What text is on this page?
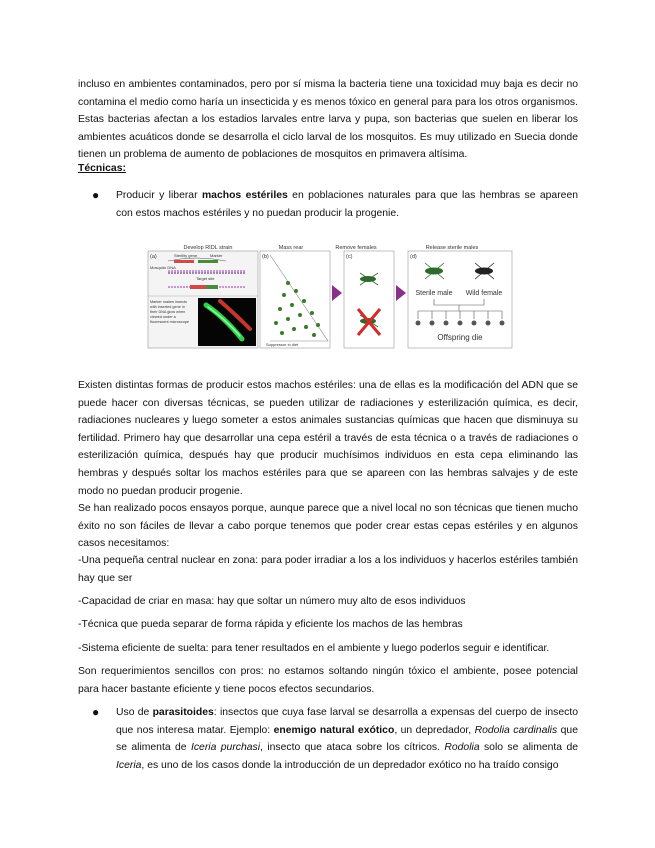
incluso en ambientes contaminados, pero por sí misma la bacteria tiene una toxicidad muy baja es decir no contamina el medio como haría un insecticida y es menos tóxico en general para para los otros organismos. Estas bacterias afectan a los estadios larvales entre larva y pupa, son bacterias que suelen en liberar los ambientes acuáticos donde se desarrolla el ciclo larval de los mosquitos. Es muy utilizado en Suecia donde tienen un problema de aumento de poblaciones de mosquitos en primavera altísima.

Técnicas:
● Producir y liberar machos estériles en poblaciones naturales para que las hembras se apareen con estos machos estériles y no puedan producir la progenie.

Develop RIDL strain	Mass rear	Remove females	Release sterile males
(a)	Sterility gene	Marker
Mosquito DNA
Target site
Marker makes insects with inserted gene in their DNA glow when viewed under a fluorescent microscope
(b)
Suppressor in diet
(c)	(d)
Sterile male Wild female
Offspring die

Existen distintas formas de producir estos machos estériles: una de ellas es la modificación del ADN que se puede hacer con diversas técnicas, se pueden utilizar de radiaciones y esterilización química, es decir, radiaciones nucleares y luego someter a estos animales sustancias químicas que hacen que disminuya su fertilidad. Primero hay que desarrollar una cepa estéril a través de esta técnica o a través de radiaciones o esterilización química, después hay que producir muchísimos individuos en esta cepa eliminando las hembras y después soltar los machos estériles para que se apareen con las hembras salvajes y de este modo no puedan producir progenie.

Se han realizado pocos ensayos porque, aunque parece que a nivel local no son técnicas que tienen mucho éxito no son fáciles de llevar a cabo porque tenemos que poder crear estas cepas estériles y en algunos casos necesitamos:

-Una pequeña central nuclear en zona: para poder irradiar a los a los individuos y hacerlos estériles también hay que ser

-Capacidad de criar en masa: hay que soltar un número muy alto de esos individuos

-Técnica que pueda separar de forma rápida y eficiente los machos de las hembras

-Sistema eficiente de suelta: para tener resultados en el ambiente y luego poderlos seguir e identificar.

Son requerimientos sencillos con pros: no estamos soltando ningún tóxico el ambiente, posee potencial para hacer bastante eficiente y tiene pocos efectos secundarios.

● Uso de parasitoides: insectos que cuya fase larval se desarrolla a expensas del cuerpo de insecto que nos interesa matar. Ejemplo: enemigo natural exótico, un depredador, Rodolia cardinalis que se alimenta de Iceria purchasi, insecto que ataca sobre los cítricos. Rodolia solo se alimenta de Iceria, es uno de los casos donde la introducción de un depredador exótico no ha traído consigo
